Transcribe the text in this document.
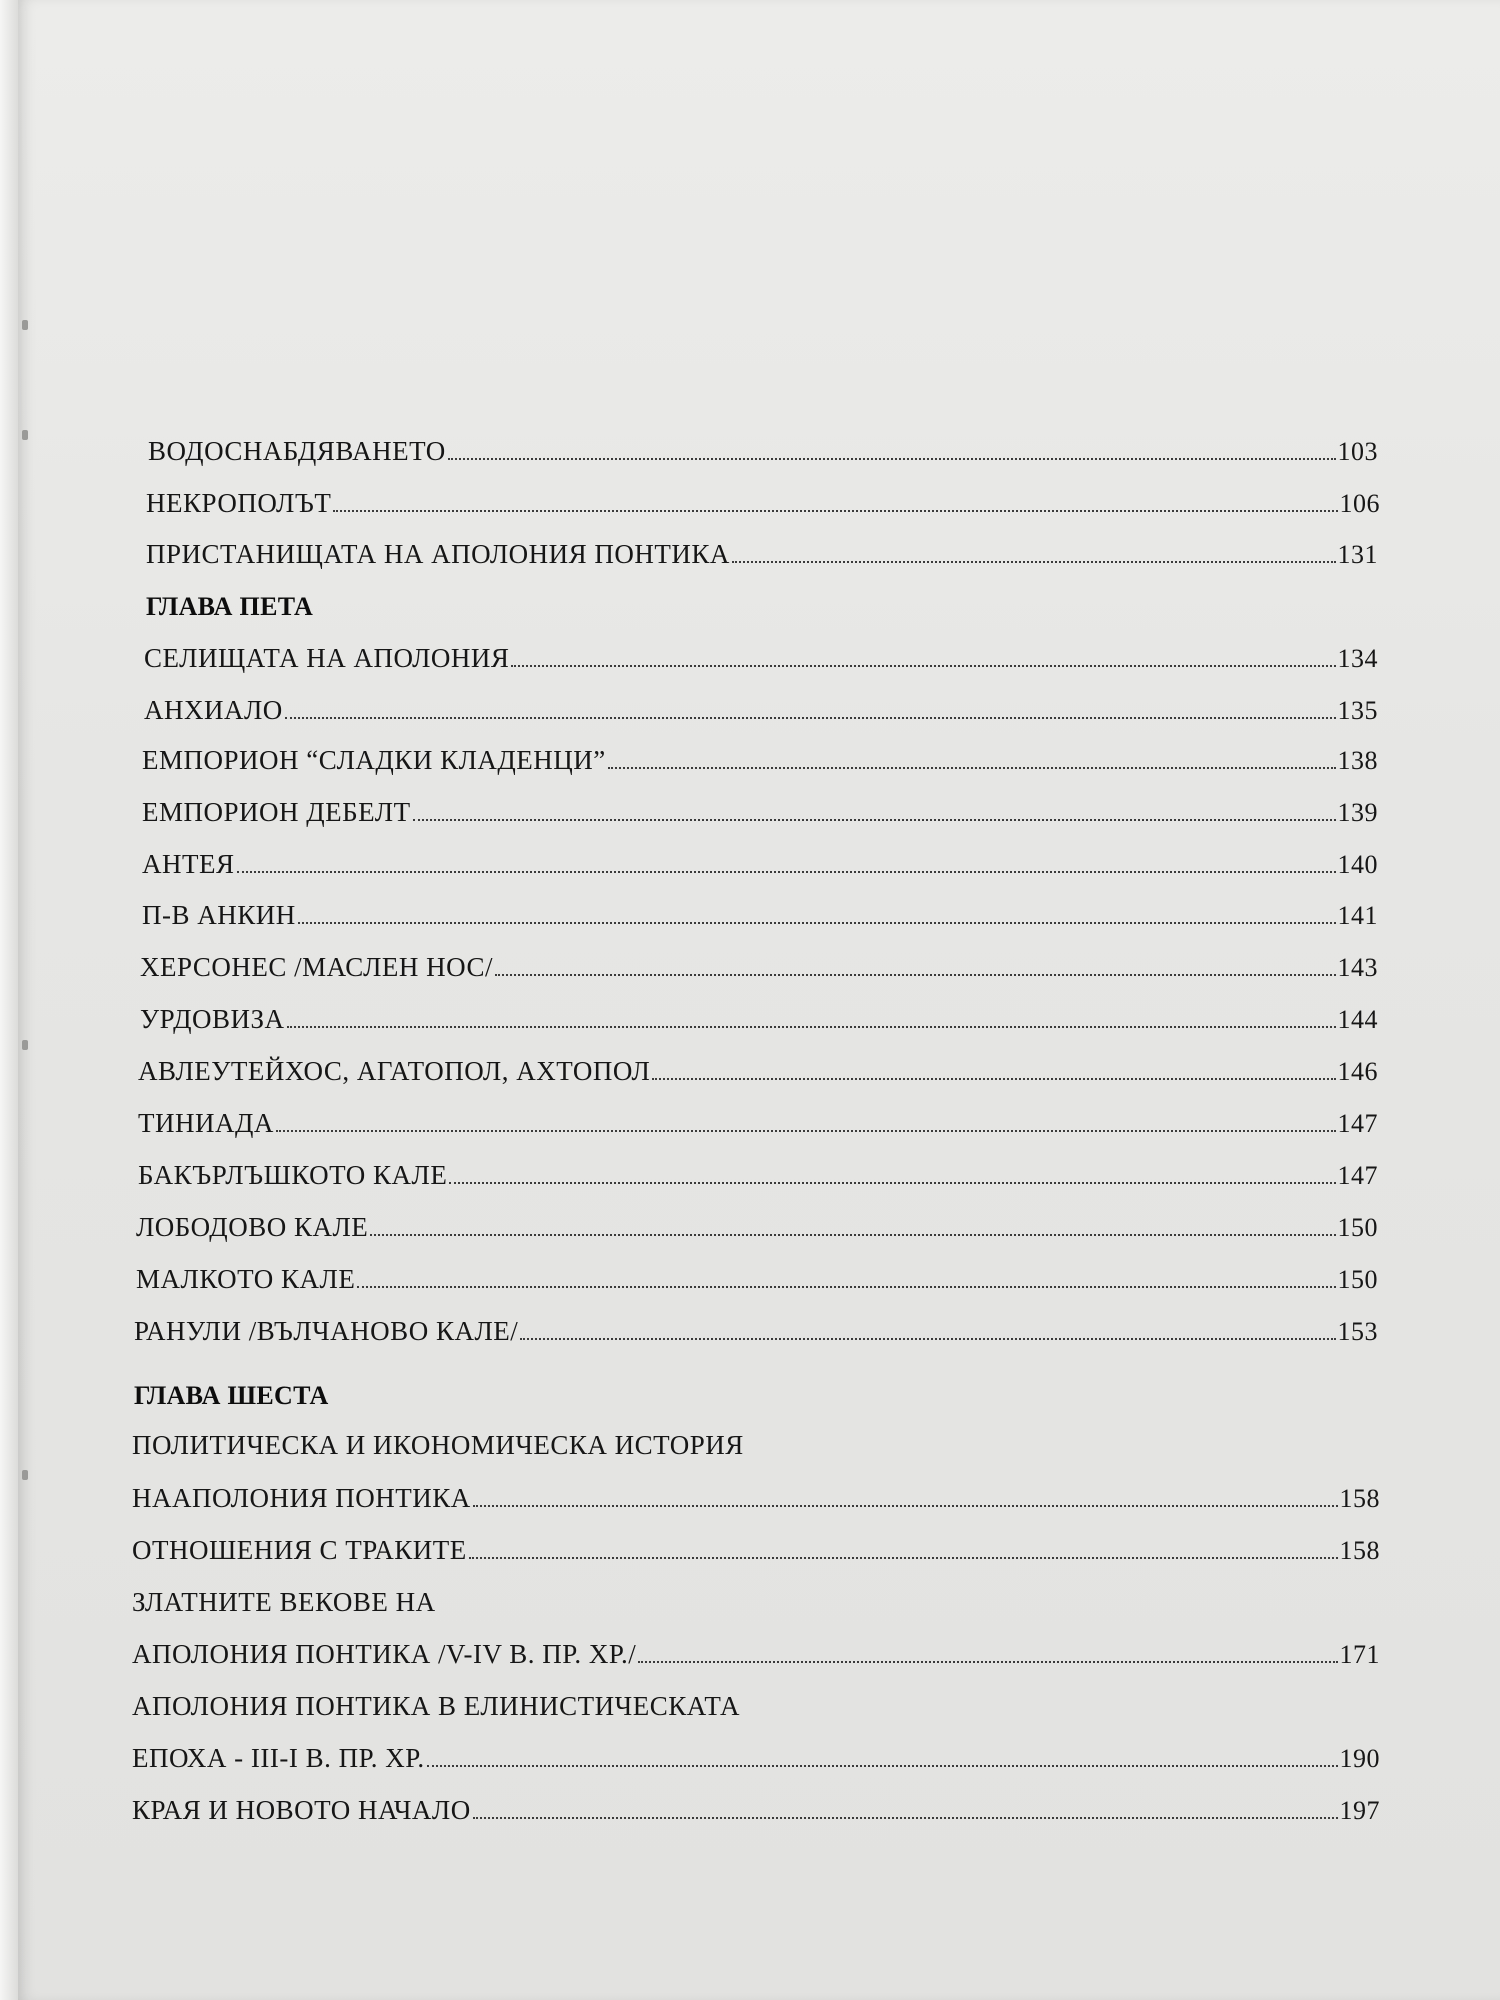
ВОДОСНАБДЯВАНЕТО	103
НЕКРОПОЛЪТ	106
ПРИСТАНИЩАТА НА АПОЛОНИЯ ПОНТИКА	131
ГЛАВА ПЕТА
СЕЛИЩАТА НА АПОЛОНИЯ	134
АНХИАЛО	135
ЕМПОРИОН “СЛАДКИ КЛАДЕНЦИ”	138
ЕМПОРИОН ДЕБЕЛТ	139
АНТЕЯ	140
П-В АНКИН	141
ХЕРСОНЕС /МАСЛЕН НОС/	143
УРДОВИЗА	144
АВЛЕУТЕЙХОС, АГАТОПОЛ, АХТОПОЛ	146
ТИНИАДА	147
БАКЪРЛЪШКОТО КАЛЕ	147
ЛОБОДОВО КАЛЕ	150
МАЛКОТО КАЛЕ	150
РАНУЛИ /ВЪЛЧАНОВО КАЛЕ/	153
ГЛАВА ШЕСТА
ПОЛИТИЧЕСКА И ИКОНОМИЧЕСКА ИСТОРИЯ
НААПОЛОНИЯ ПОНТИКА	158
ОТНОШЕНИЯ С ТРАКИТЕ	158
ЗЛАТНИТЕ ВЕКОВЕ НА
АПОЛОНИЯ ПОНТИКА /V-IV В. ПР. ХР./	171
АПОЛОНИЯ ПОНТИКА В ЕЛИНИСТИЧЕСКАТА
ЕПОХА - III-I В. ПР. ХР.	190
КРАЯ И НОВОТО НАЧАЛО	197
